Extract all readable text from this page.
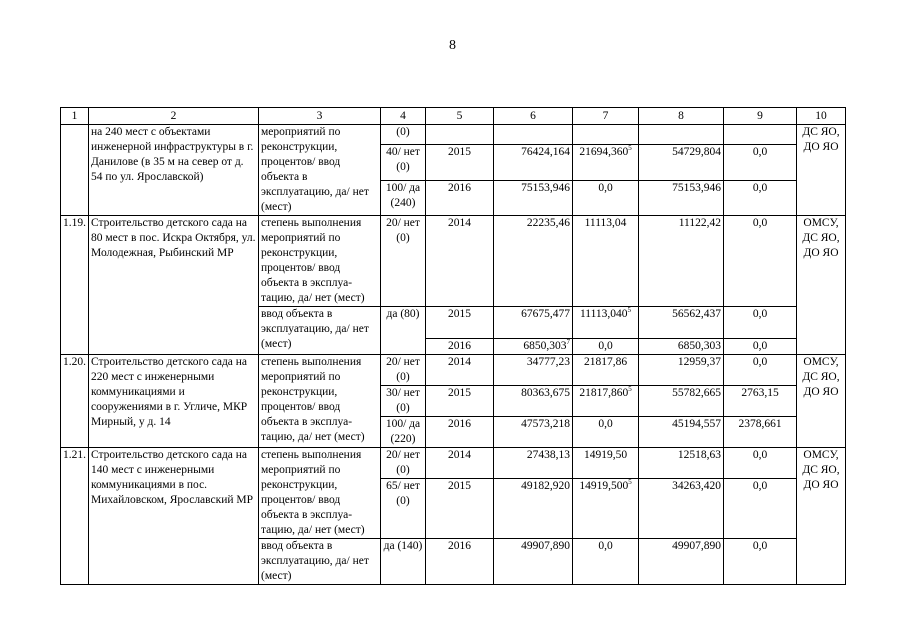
8
1	2	3	4	5	6	7	8	9	10
	на 240 мест с объектами инженерной инфраструктуры в г. Данилове (в 35 м на север от д. 54 по ул. Ярославской)	мероприятий по реконструкции, процентов/ ввод объекта в эксплуатацию, да/ нет (мест)	(0)						ДС ЯО, ДО ЯО
			40/ нет (0)	2015	76424,164	21694,360$^5$	54729,804	0,0	
			100/ да (240)	2016	75153,946	0,0	75153,946	0,0	
1.19.	Строительство детского сада на 80 мест в пос. Искра Октября, ул. Молодежная, Рыбинский МР	степень выполнения мероприятий по реконструкции, процентов/ ввод объекта в эксплуа-тацию, да/ нет (мест)	20/ нет (0)	2014	22235,46	11113,04	11122,42	0,0	ОМСУ, ДС ЯО, ДО ЯО
		ввод объекта в эксплуатацию, да/ нет (мест)	да (80)	2015	67675,477	11113,040$^5$	56562,437	0,0	
				2016	6850,303$^7$	0,0	6850,303	0,0	
1.20.	Строительство детского сада на 220 мест с инженерными коммуникациями и сооружениями в г. Угличе, МКР Мирный, у д. 14	степень выполнения мероприятий по реконструкции, процентов/ ввод объекта в эксплуа-тацию, да/ нет (мест)	20/ нет (0)	2014	34777,23	21817,86	12959,37	0,0	ОМСУ, ДС ЯО, ДО ЯО
			30/ нет (0)	2015	80363,675	21817,860$^5$	55782,665	2763,15	
			100/ да (220)	2016	47573,218	0,0	45194,557	2378,661	
1.21.	Строительство детского сада на 140 мест с инженерными коммуникациями в пос. Михайловском, Ярославский МР	степень выполнения мероприятий по реконструкции, процентов/ ввод объекта в эксплуа-тацию, да/ нет (мест)	20/ нет (0)	2014	27438,13	14919,50	12518,63	0,0	ОМСУ, ДС ЯО, ДО ЯО
			65/ нет (0)	2015	49182,920	14919,500$^5$	34263,420	0,0	
		ввод объекта в эксплуатацию, да/ нет (мест)	да (140)	2016	49907,890	0,0	49907,890	0,0	
